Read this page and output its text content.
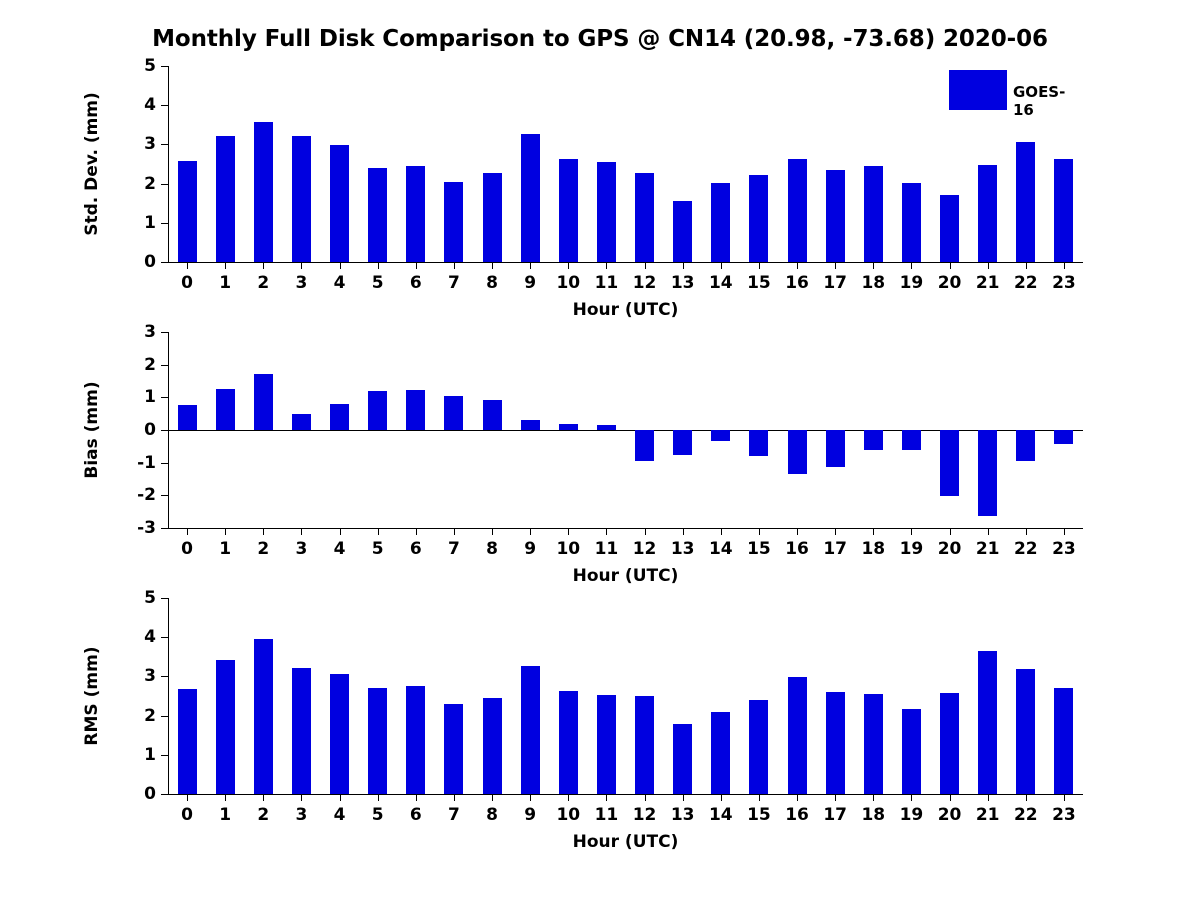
Monthly Full Disk Comparison to GPS @ CN14 (20.98, -73.68) 2020-06
0
1
2
3
4
5
0	1	2	3	4	5	6	7	8	9	10 11 12 13 14 15 16 17 18 19 20 21 22 23
Hour (UTC)
Std. Dev. (mm)
GOES-16
-3
-2
-1
0
1
2
3
0	1	2	3	4	5	6	7	8	9	10 11 12 13 14 15 16 17 18 19 20 21 22 23
Hour (UTC)
Bias (mm)
0
1
2
3
4
5
0	1	2	3	4	5	6	7	8	9	10 11 12 13 14 15 16 17 18 19 20 21 22 23
Hour (UTC)
RMS (mm)
